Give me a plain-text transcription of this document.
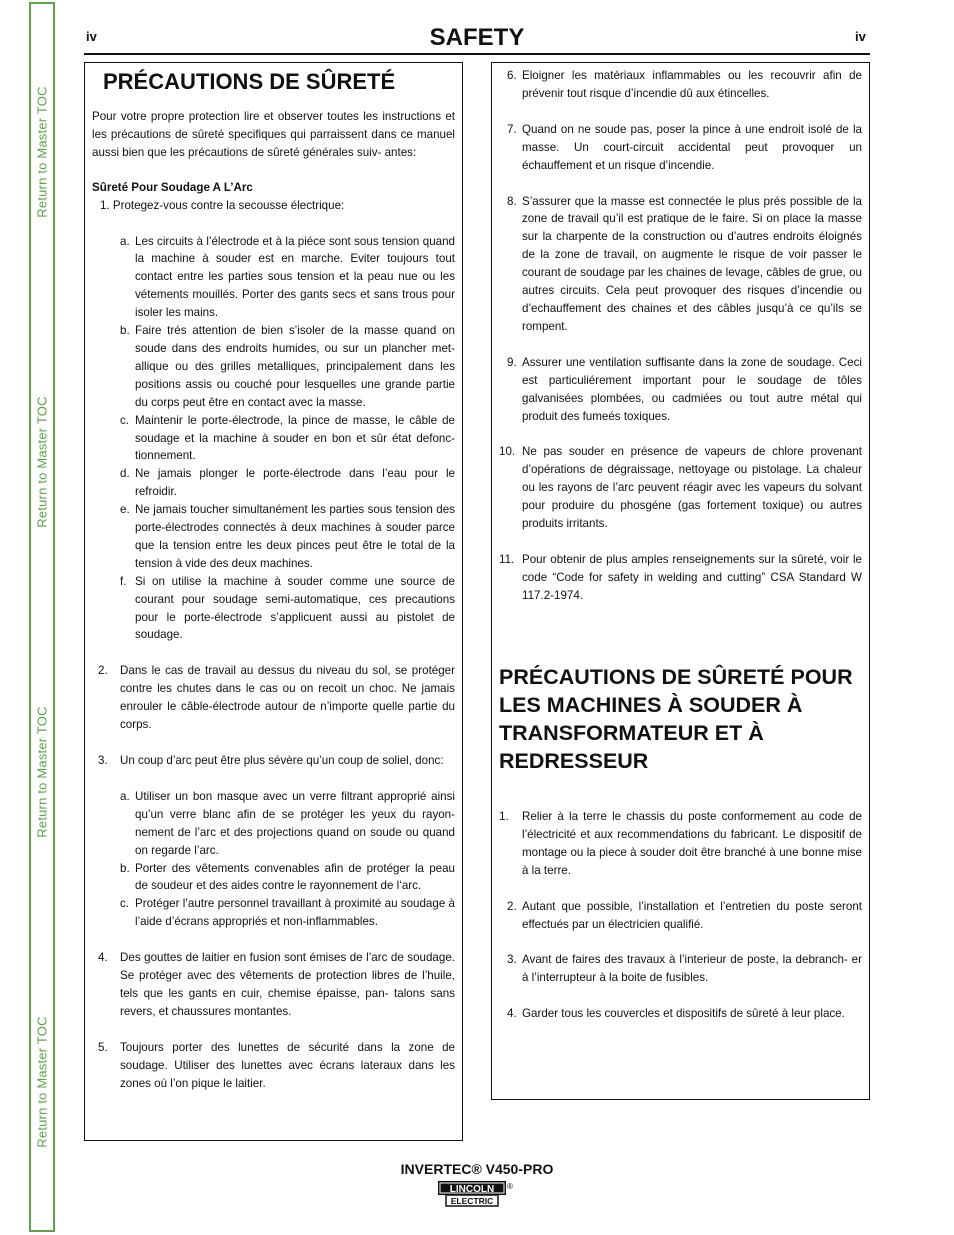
Return to Master TOC
Return to Master TOC
Return to Master TOC
Return to Master TOC
iv	SAFETY	iv
PRÉCAUTIONS DE SÛRETÉ

Pour votre propre protection lire et observer toutes les instructions et les précautions de sûreté specifiques qui parraissent dans ce manuel aussi bien que les précautions de sûreté générales suiv- antes:

Sûreté Pour Soudage A L’Arc

1. Protegez-vous contre la secousse électrique:
a. Les circuits à l’électrode et à la piéce sont sous tension quand la machine à souder est en marche. Eviter toujours tout contact entre les parties sous tension et la peau nue ou les vétements mouillés. Porter des gants secs et sans trous pour isoler les mains.
b. Faire trés attention de bien s’isoler de la masse quand on soude dans des endroits humides, ou sur un plancher met- allique ou des grilles metalliques, principalement dans les positions assis ou couché pour lesquelles une grande partie du corps peut être en contact avec la masse.
c. Maintenir le porte-électrode, la pince de masse, le câble de soudage et la machine à souder en bon et sûr état defonc- tionnement.
d. Ne jamais plonger le porte-électrode dans l’eau pour le refroidir.
e. Ne jamais toucher simultanément les parties sous tension des porte-électrodes connectés à deux machines à souder parce que la tension entre les deux pinces peut être le total de la tension à vide des deux machines.
f. Si on utilise la machine à souder comme une source de courant pour soudage semi-automatique, ces precautions pour le porte-électrode s’applicuent aussi au pistolet de soudage.
2. Dans le cas de travail au dessus du niveau du sol, se protéger contre les chutes dans le cas ou on recoit un choc. Ne jamais enrouler le câble-électrode autour de n’importe quelle partie du corps.
3. Un coup d’arc peut être plus sévère qu’un coup de soliel, donc:
a. Utiliser un bon masque avec un verre filtrant approprié ainsi qu’un verre blanc afin de se protéger les yeux du rayon- nement de l’arc et des projections quand on soude ou quand on regarde l’arc.
b. Porter des vêtements convenables afin de protéger la peau de soudeur et des aides contre le rayonnement de l‘arc.
c. Protéger l’autre personnel travaillant à proximité au soudage à l’aide d’écrans appropriés et non-inflammables.
4. Des gouttes de laitier en fusion sont émises de l’arc de soudage. Se protéger avec des vêtements de protection libres de l’huile, tels que les gants en cuir, chemise épaisse, pan- talons sans revers, et chaussures montantes.
5. Toujours porter des lunettes de sécurité dans la zone de soudage. Utiliser des lunettes avec écrans lateraux dans les zones où l’on pique le laitier.
6. Eloigner les matériaux inflammables ou les recouvrir afin de prévenir tout risque d’incendie dû aux étincelles.
7. Quand on ne soude pas, poser la pince à une endroit isolé de la masse. Un court-circuit accidental peut provoquer un échauffement et un risque d’incendie.
8. S’assurer que la masse est connectée le plus prés possible de la zone de travail qu’il est pratique de le faire. Si on place la masse sur la charpente de la construction ou d’autres endroits éloignés de la zone de travail, on augmente le risque de voir passer le courant de soudage par les chaines de levage, câbles de grue, ou autres circuits. Cela peut provoquer des risques d’incendie ou d’echauffement des chaines et des câbles jusqu’à ce qu’ils se rompent.
9. Assurer une ventilation suffisante dans la zone de soudage. Ceci est particuliérement important pour le soudage de tôles galvanisées plombées, ou cadmiées ou tout autre métal qui produit des fumeés toxiques.
10. Ne pas souder en présence de vapeurs de chlore provenant d’opérations de dégraissage, nettoyage ou pistolage. La chaleur ou les rayons de l’arc peuvent réagir avec les vapeurs du solvant pour produire du phosgéne (gas fortement toxique) ou autres produits irritants.
11. Pour obtenir de plus amples renseignements sur la sûreté, voir le code “Code for safety in welding and cutting” CSA Standard W 117.2-1974.
PRÉCAUTIONS DE SÛRETÉ POUR LES MACHINES À SOUDER À TRANSFORMATEUR ET À REDRESSEUR
1. Relier à la terre le chassis du poste conformement au code de l’électricité et aux recommendations du fabricant. Le dispositif de montage ou la piece à souder doit être branché à une bonne mise à la terre.
2. Autant que possible, l’installation et l’entretien du poste seront effectués par un électricien qualifié.
3. Avant de faires des travaux à l’interieur de poste, la debranch- er à l’interrupteur à la boite de fusibles.
4. Garder tous les couvercles et dispositifs de sûreté à leur place.
INVERTEC® V450-PRO
LINCOLN
ELECTRIC
®
